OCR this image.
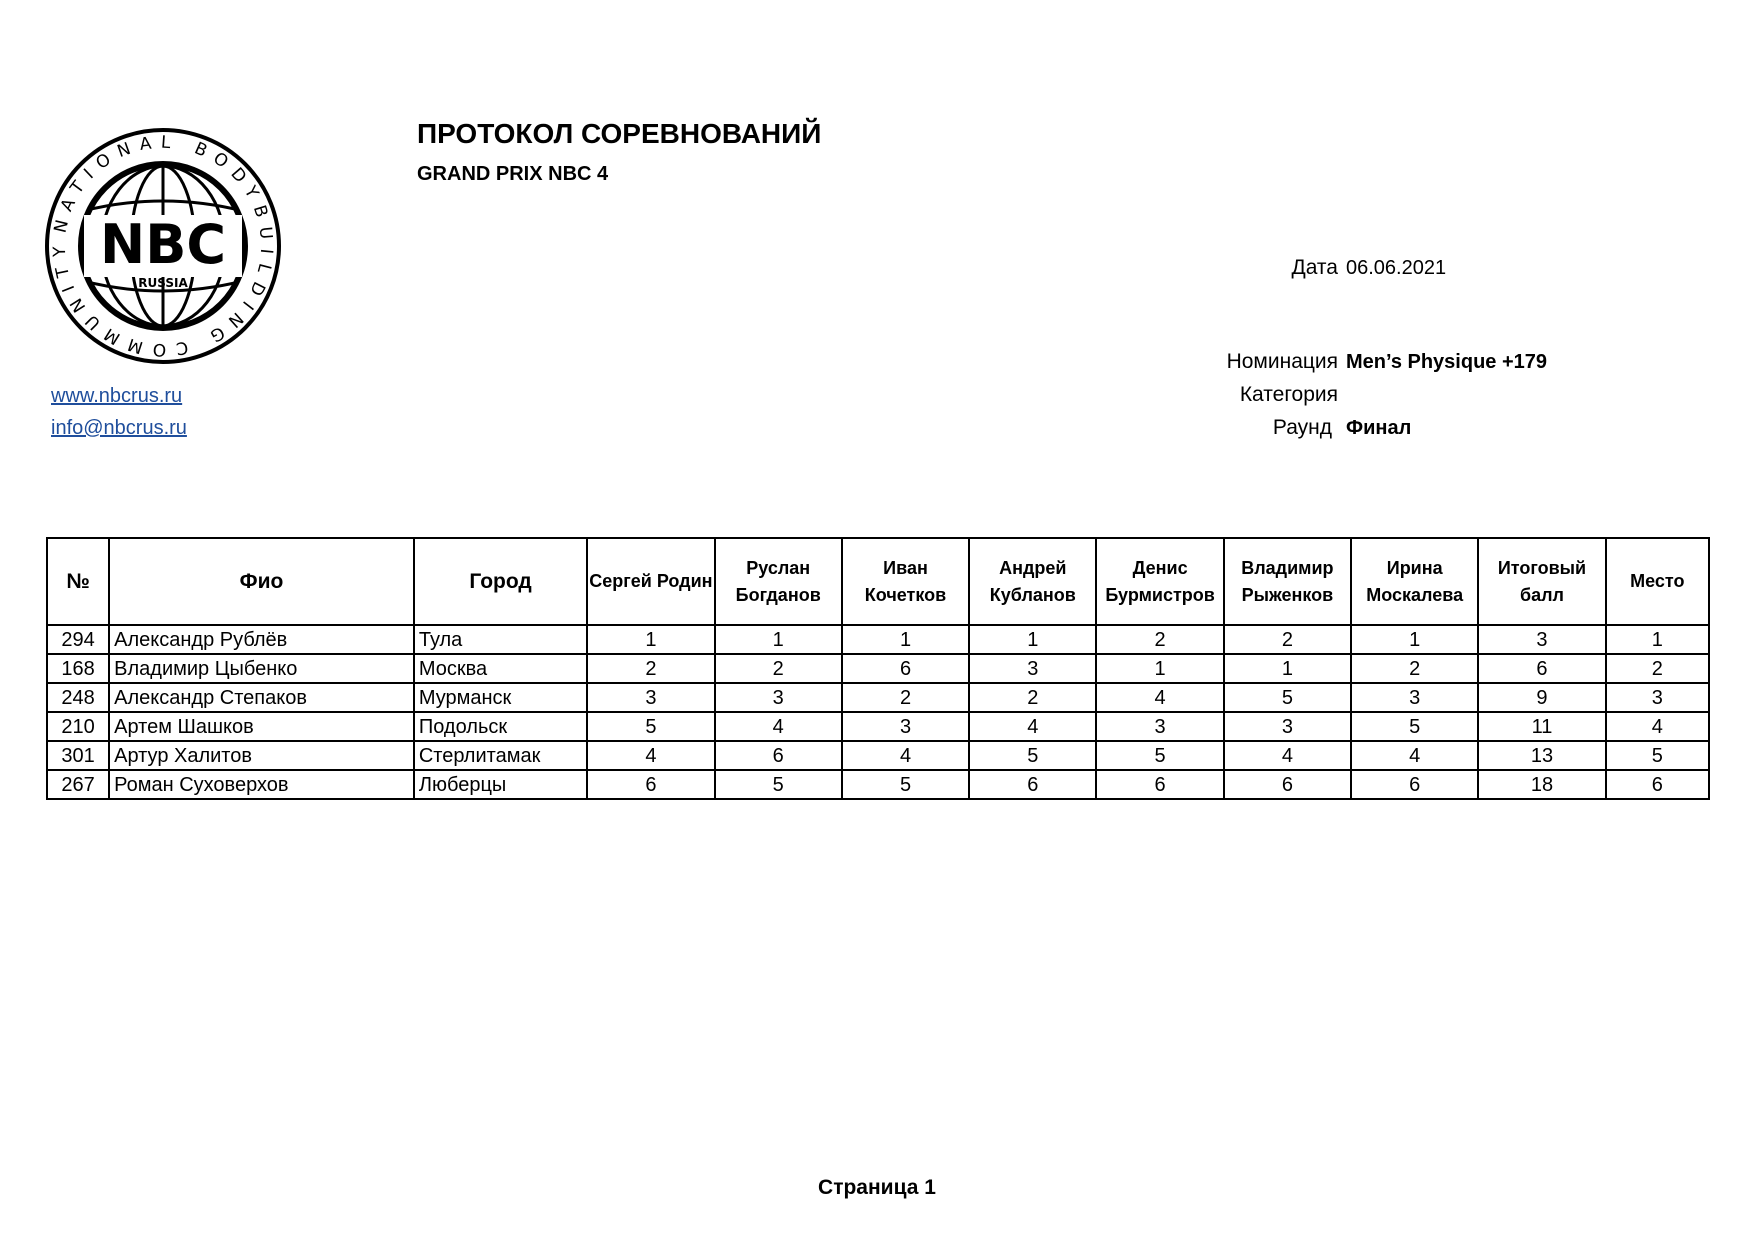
NATIONAL BODYBUILDING COMMUNITY NBC
RUSSIA
ПРОТОКОЛ СОРЕВНОВАНИЙ
GRAND PRIX NBC 4
www.nbcrus.ru
info@nbcrus.ru
Дата 06.06.2021
Номинация Men’s Physique +179
Категория
Раунд Финал
№	Фио	Город	Сергей Родин	Руслан Богданов	Иван Кочетков	Андрей Кубланов	Денис Бурмистров	Владимир Рыженков	Ирина Москалева	Итоговый балл	Место
294	Александр Рублёв	Тула	1	1	1	1	2	2	1	3	1
168	Владимир Цыбенко	Москва	2	2	6	3	1	1	2	6	2
248	Александр Степаков	Мурманск	3	3	2	2	4	5	3	9	3
210	Артем Шашков	Подольск	5	4	3	4	3	3	5	11	4
301	Артур Халитов	Стерлитамак	4	6	4	5	5	4	4	13	5
267	Роман Суховерхов	Люберцы	6	5	5	6	6	6	6	18	6
Страница 1
